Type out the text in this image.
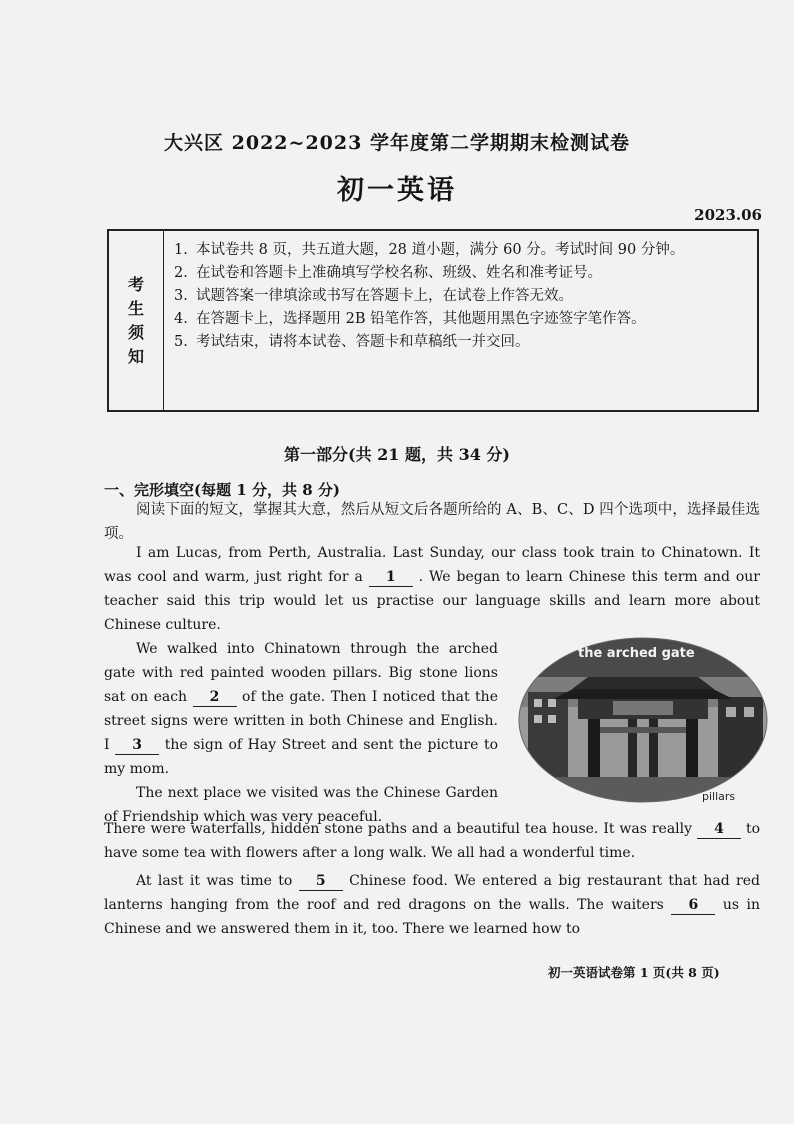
大兴区 2022~2023 学年度第二学期期末检测试卷
初一英语
2023.06
考
生
须
知
1. 本试卷共 8 页，共五道大题，28 道小题，满分 60 分。考试时间 90 分钟。
2. 在试卷和答题卡上准确填写学校名称、班级、姓名和准考证号。
3. 试题答案一律填涂或书写在答题卡上，在试卷上作答无效。
4. 在答题卡上，选择题用 2B 铅笔作答，其他题用黑色字迹签字笔作答。
5. 考试结束，请将本试卷、答题卡和草稿纸一并交回。
第一部分(共 21 题，共 34 分)
一、完形填空(每题 1 分，共 8 分)
阅读下面的短文，掌握其大意，然后从短文后各题所给的 A、B、C、D 四个选项中，选择最佳选项。

I am Lucas, from Perth, Australia. Last Sunday, our class took train to Chinatown. It was cool and warm, just right for a 1 . We began to learn Chinese this term and our teacher said this trip would let us practise our language skills and learn more about Chinese culture.

We walked into Chinatown through the arched gate with red painted wooden pillars. Big stone lions sat on each 2 of the gate. Then I noticed that the street signs were written in both Chinese and English. I 3 the sign of Hay Street and sent the picture to my mom.

The next place we visited was the Chinese Garden of Friendship which was very peaceful.

There were waterfalls, hidden stone paths and a beautiful tea house. It was really 4 to have some tea with flowers after a long walk. We all had a wonderful time.

At last it was time to 5 Chinese food. We entered a big restaurant that had red lanterns hanging from the roof and red dragons on the walls. The waiters 6 us in Chinese and we answered them in it, too. There we learned how to

the arched gate
pillars
初一英语试卷第 1 页(共 8 页)
